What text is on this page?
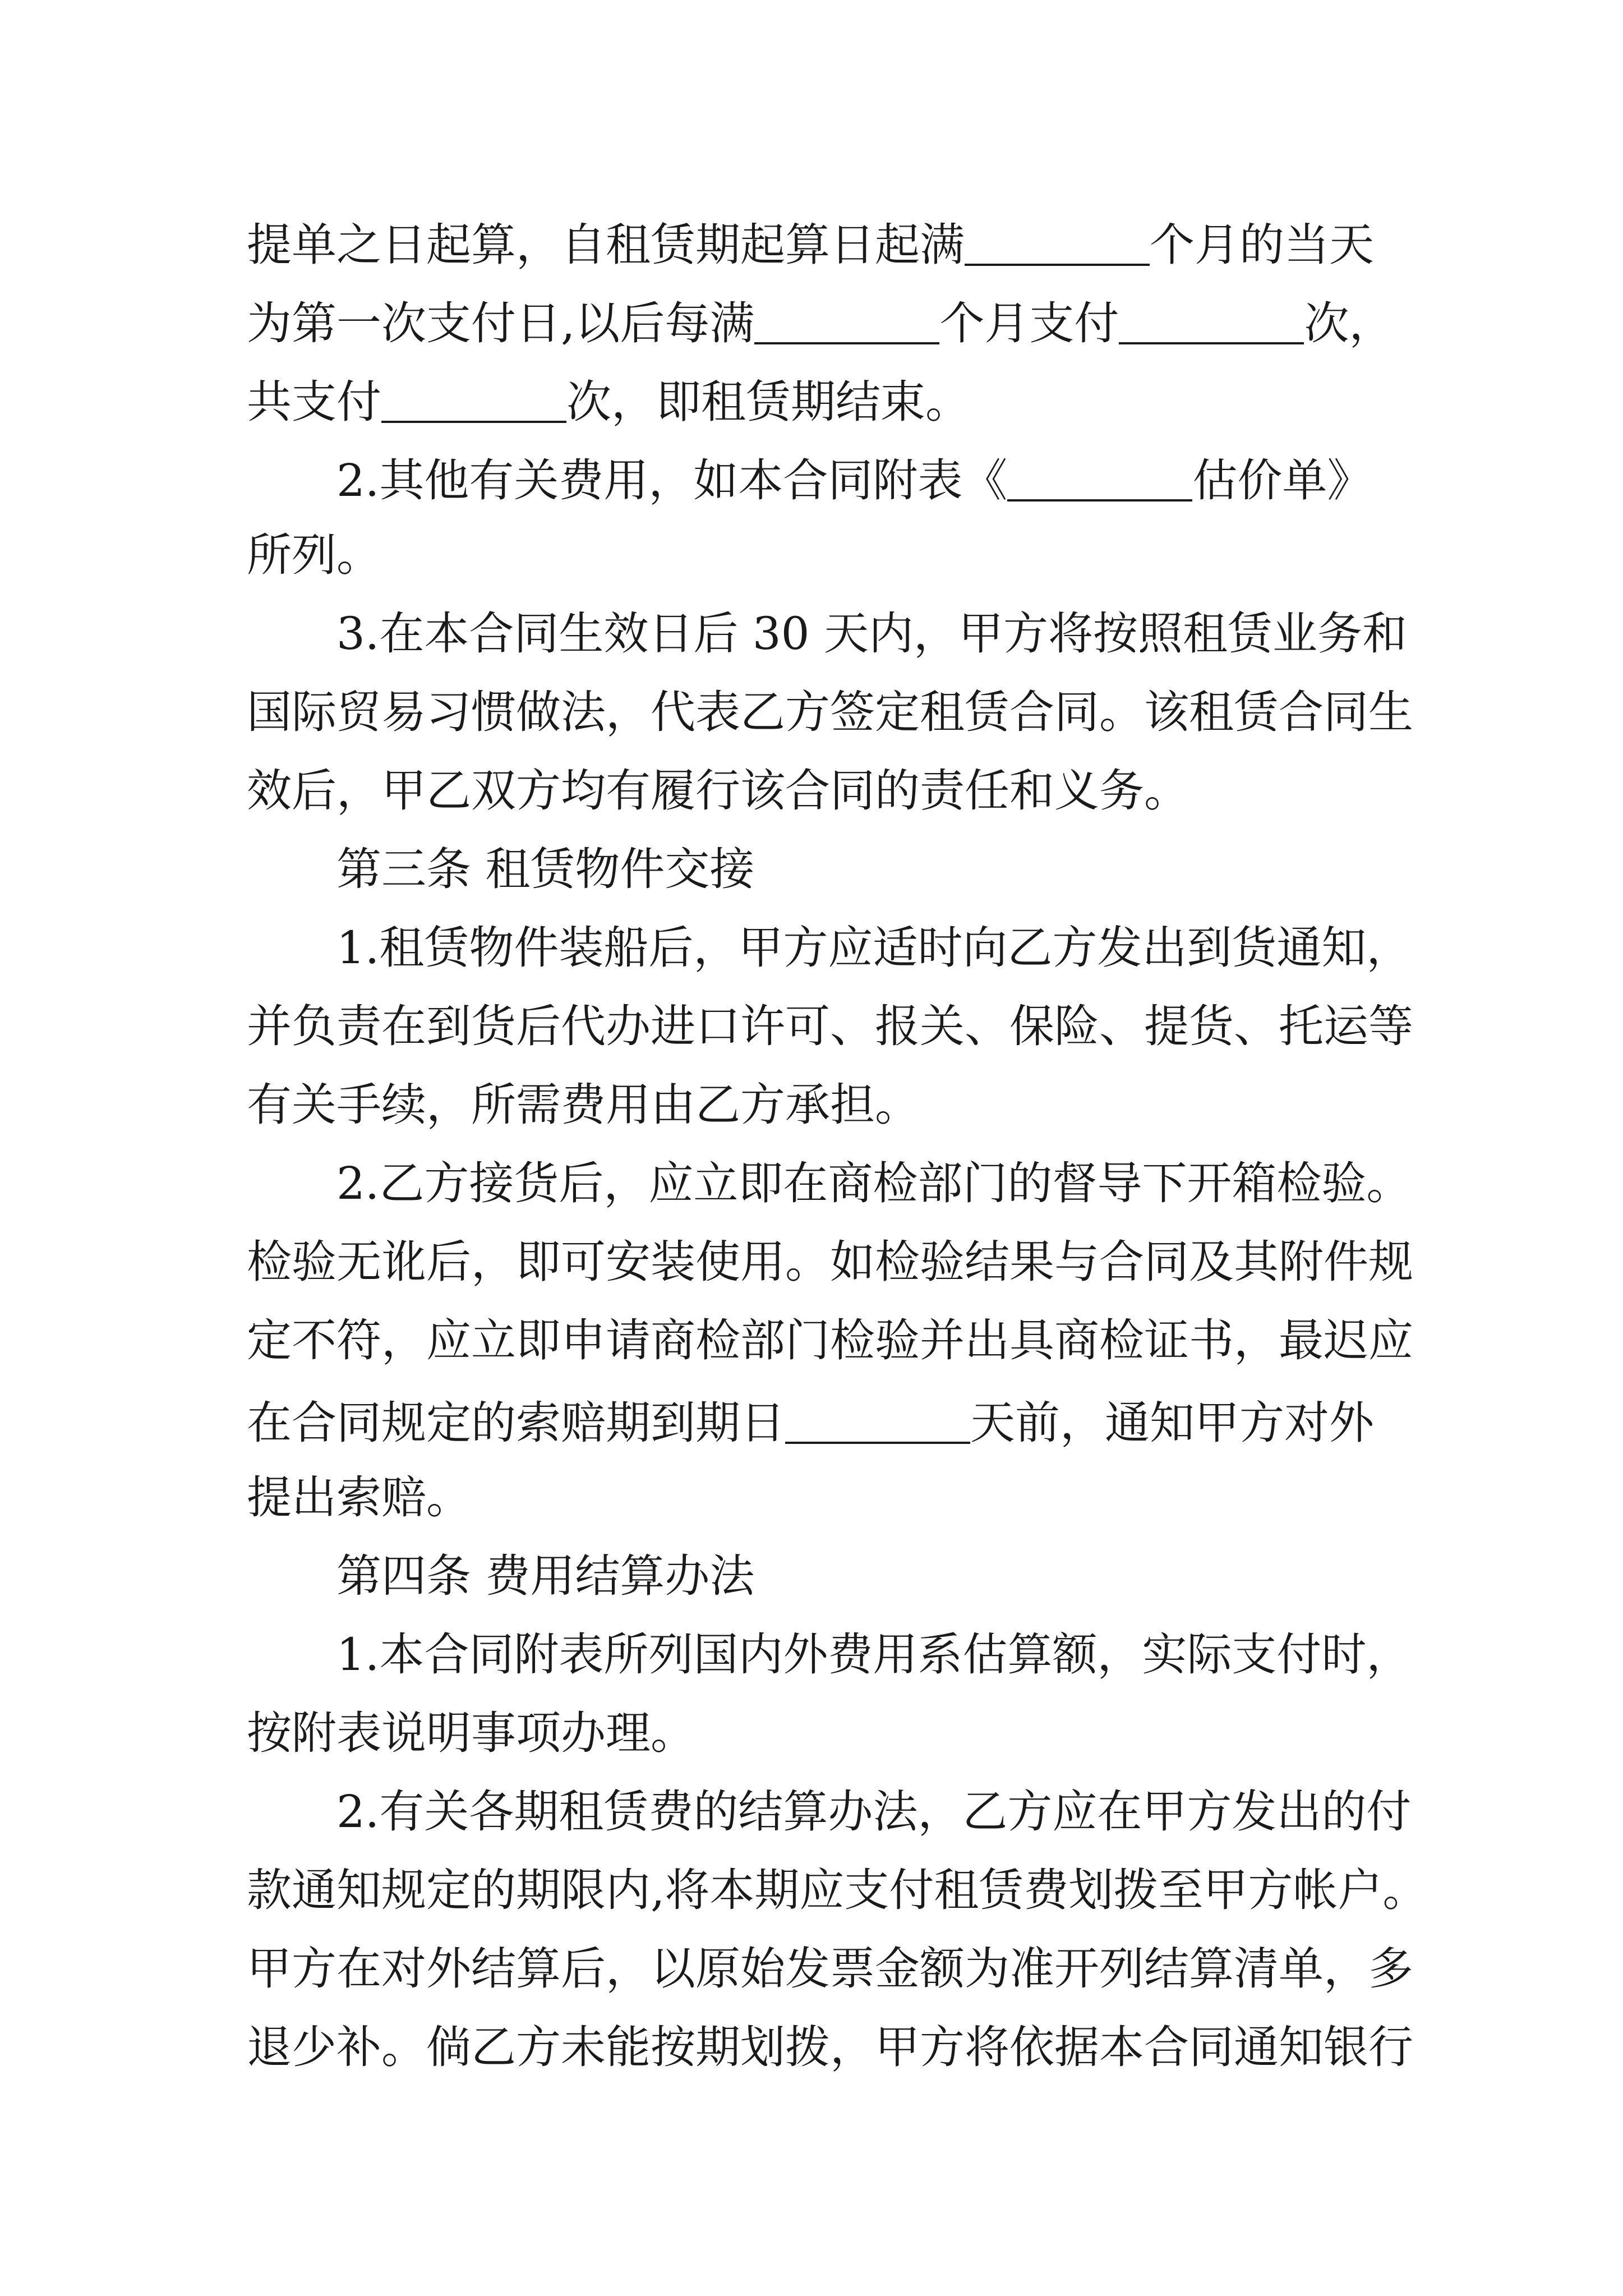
提单之日起算，自租赁期起算日起满	个月的当天
为第一次支付日,以后每满	个月支付	次，
共支付	次，即租赁期结束。
2.其他有关费用，如本合同附表《	估价单》
所列。
3.在本合同生效日后 30 天内，甲方将按照租赁业务和
国际贸易习惯做法，代表乙方签定租赁合同。该租赁合同生
效后，甲乙双方均有履行该合同的责任和义务。
第三条 租赁物件交接
1.租赁物件装船后，甲方应适时向乙方发出到货通知，
并负责在到货后代办进口许可、报关、保险、提货、托运等
有关手续，所需费用由乙方承担。
2.乙方接货后，应立即在商检部门的督导下开箱检验。
检验无讹后，即可安装使用。如检验结果与合同及其附件规
定不符，应立即申请商检部门检验并出具商检证书，最迟应
在合同规定的索赔期到期日	天前，通知甲方对外
提出索赔。
第四条 费用结算办法
1.本合同附表所列国内外费用系估算额，实际支付时，
按附表说明事项办理。
2.有关各期租赁费的结算办法，乙方应在甲方发出的付
款通知规定的期限内,将本期应支付租赁费划拨至甲方帐户。
甲方在对外结算后，以原始发票金额为准开列结算清单，多
退少补。倘乙方未能按期划拨，甲方将依据本合同通知银行
